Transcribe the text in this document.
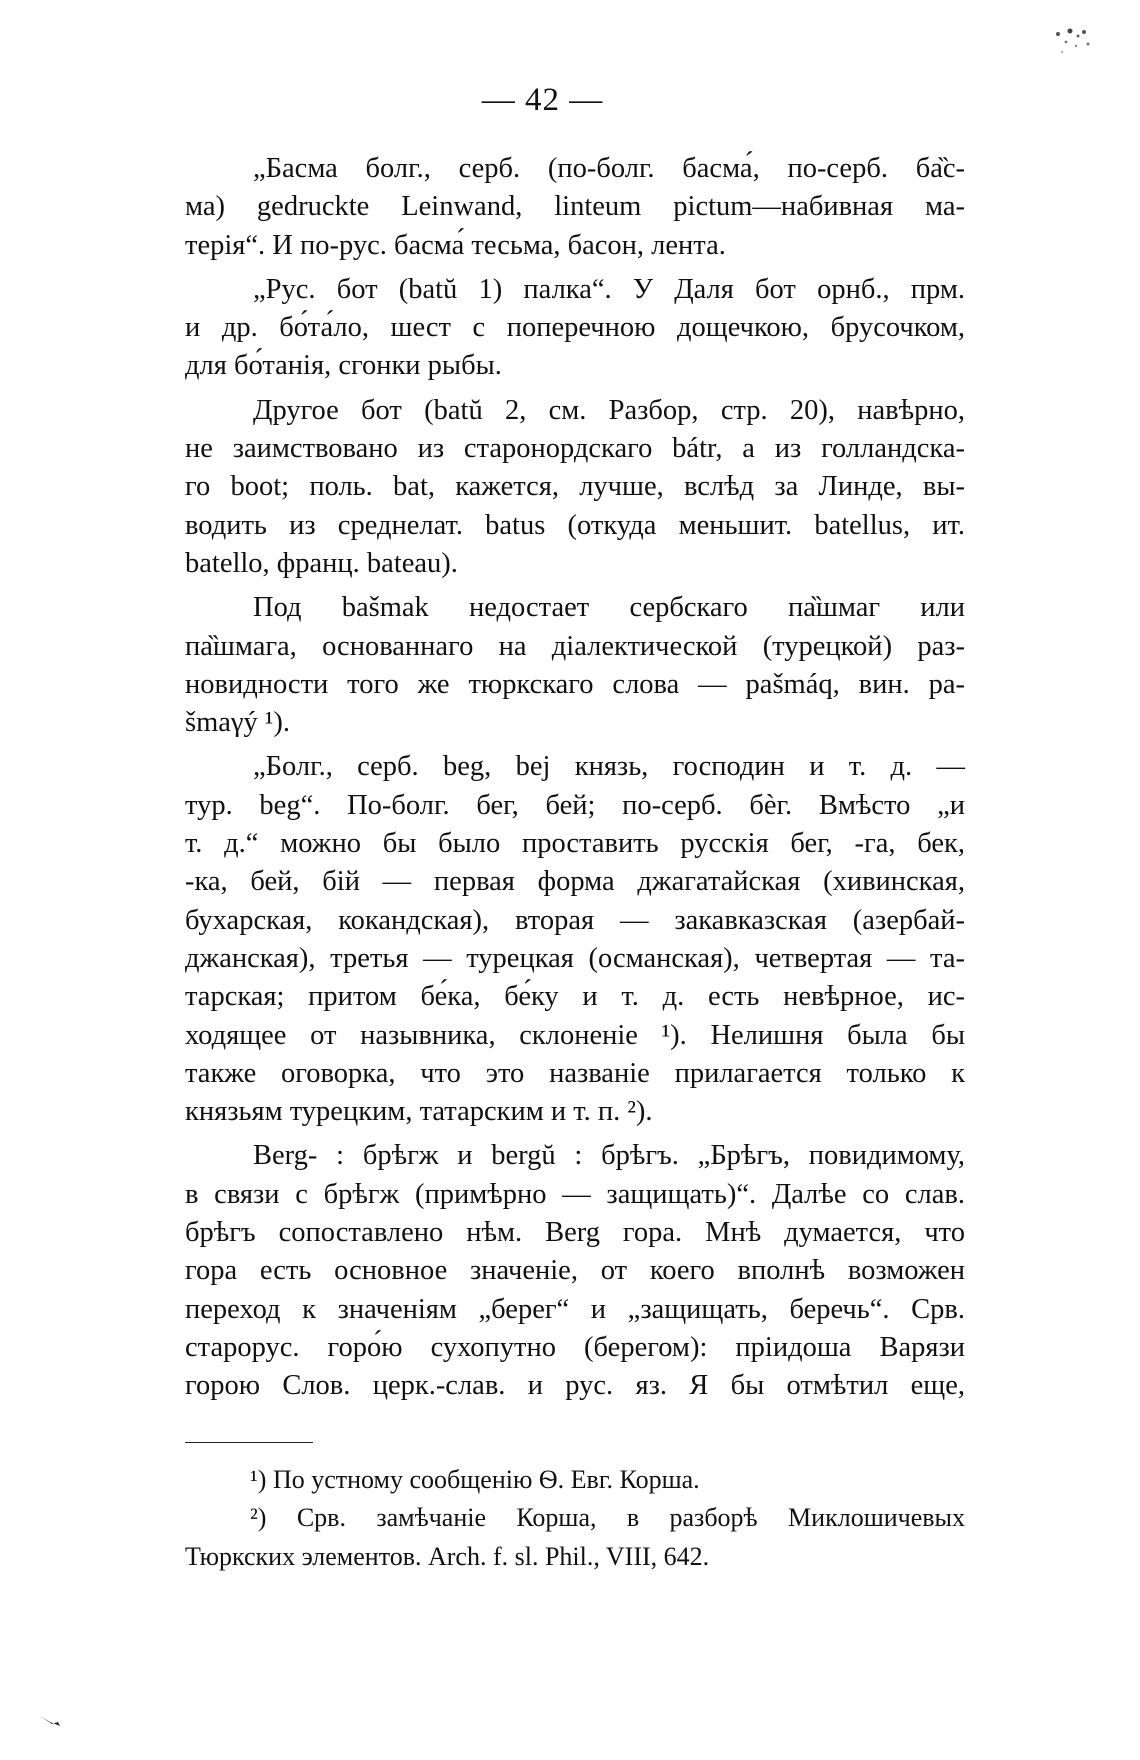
— 42 —
„Басма болг., серб. (по-болг. басма́, по-серб. ба̏с-
ма) gedruckte Leinwand, linteum pictum—набивная ма-
терія“. И по-рус. басма́ тесьма, басон, лента.
„Рус. бот (batŭ 1) палка“. У Даля бот орнб., прм.
и др. бо́та́ло, шест с поперечною дощечкою, брусочком,
для бо́танія, сгонки рыбы.
Другое бот (batŭ 2, см. Разбор, стр. 20), навѣрно,
не заимствовано из старонордскаго bátr, а из голландска-
го boot; поль. bat, кажется, лучше, вслѣд за Линде, вы-
водить из среднелат. batus (откуда меньшит. batellus, ит.
batello, франц. bateau).
Под bašmak недостает сербскаго па̏шмаг или
па̏шмага, основаннаго на діалектической (турецкой) раз-
новидности того же тюркскаго слова — pašmáq, вин. pa-
šmaγý ¹).
„Болг., серб. beg, bej князь, господин и т. д. —
тур. beg“. По-болг. бег, бей; по-серб. бѐг. Вмѣсто „и
т. д.“ можно бы было проставить русскія бег, -га, бек,
-ка, бей, бій — первая форма джагатайская (хивинская,
бухарская, кокандская), вторая — закавказская (азербай-
джанская), третья — турецкая (османская), четвертая — та-
тарская; притом бе́ка, бе́ку и т. д. есть невѣрное, ис-
ходящее от назывника, склоненіе ¹). Нелишня была бы
также оговорка, что это названіе прилагается только к
князьям турецким, татарским и т. п. ²).
Berg- : брѣгж и bergŭ : брѣгъ. „Брѣгъ, повидимому,
в связи с брѣгж (примѣрно — защищать)“. Далѣе со слав.
брѣгъ сопоставлено нѣм. Berg гора. Мнѣ думается, что
гора есть основное значеніе, от коего вполнѣ возможен
переход к значеніям „берег“ и „защищать, беречь“. Срв.
старорус. горо́ю сухопутно (берегом): пріидоша Варязи
горою Слов. церк.-слав. и рус. яз. Я бы отмѣтил еще,
¹) По устному сообщенію Ѳ. Евг. Корша.
²) Срв. замѣчаніе Корша, в разборѣ Миклошичевых
Тюркских элементов. Arch. f. sl. Phil., VIII, 642.
